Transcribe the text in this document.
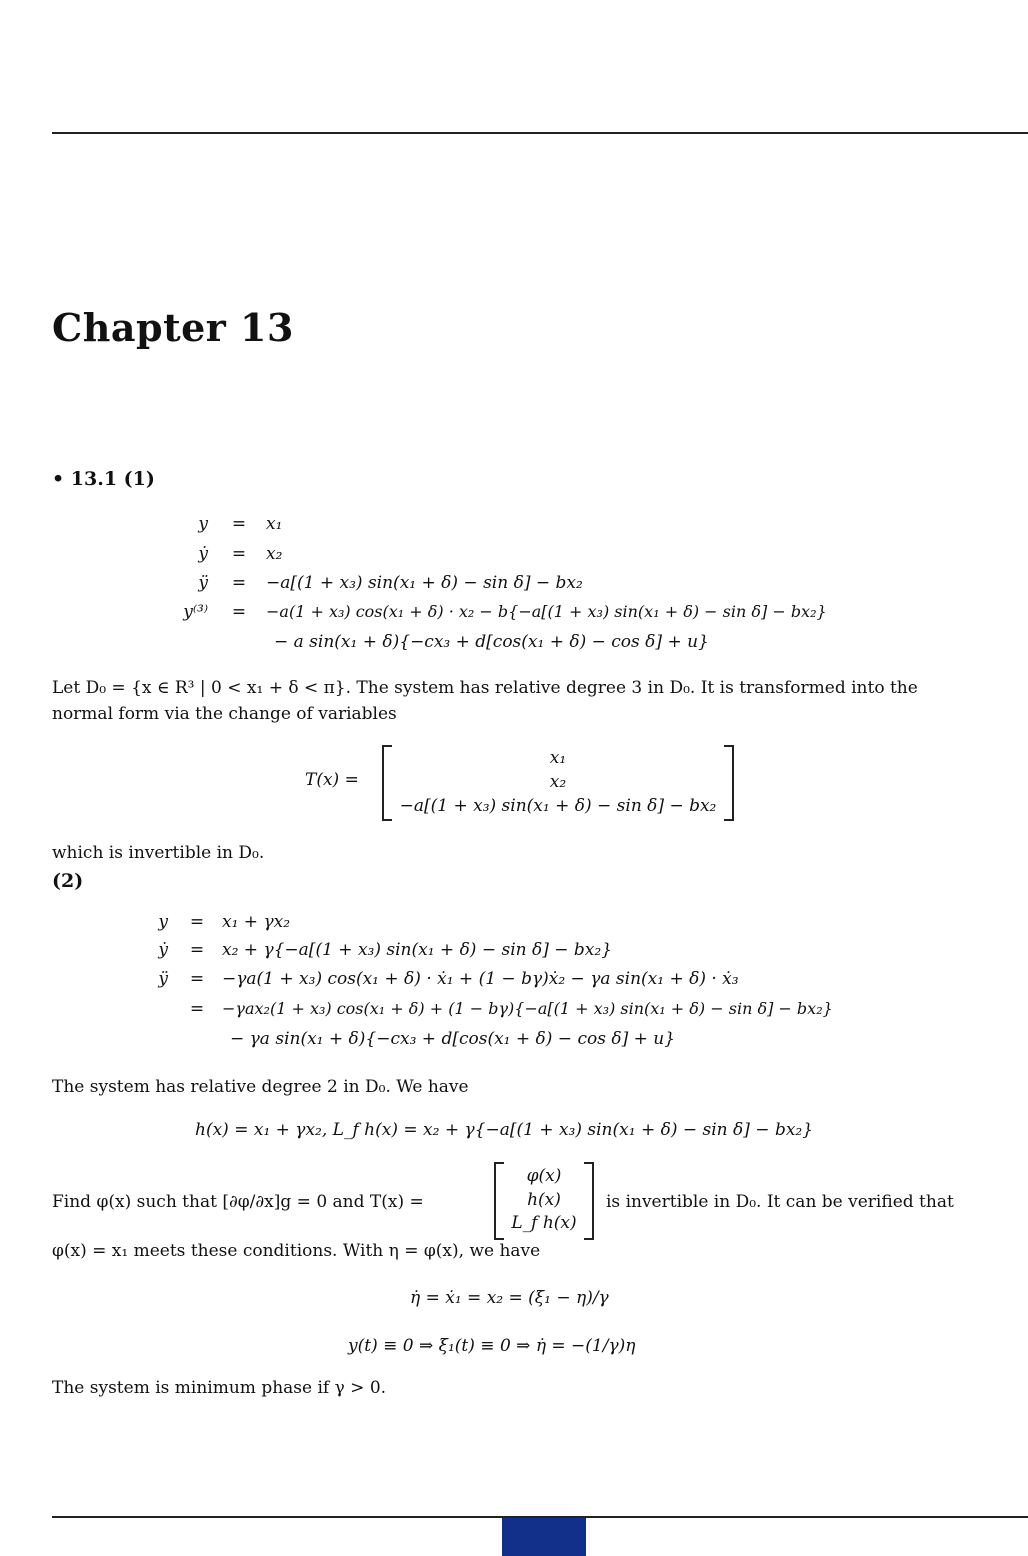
Chapter 13
• 13.1 (1)
y	=	x₁
ẏ	=	x₂
ÿ	=	−a[(1 + x₃) sin(x₁ + δ) − sin δ] − bx₂
y⁽³⁾	=	−a(1 + x₃) cos(x₁ + δ) · x₂ − b{−a[(1 + x₃) sin(x₁ + δ) − sin δ] − bx₂}
− a sin(x₁ + δ){−cx₃ + d[cos(x₁ + δ) − cos δ] + u}
Let D₀ = {x ∈ R³ | 0 < x₁ + δ < π}. The system has relative degree 3 in D₀. It is transformed into the
normal form via the change of variables
T(x) =
x₁
x₂
−a[(1 + x₃) sin(x₁ + δ) − sin δ] − bx₂
which is invertible in D₀.
(2)
y	=	x₁ + γx₂
ẏ	=	x₂ + γ{−a[(1 + x₃) sin(x₁ + δ) − sin δ] − bx₂}
ÿ	=	−γa(1 + x₃) cos(x₁ + δ) · ẋ₁ + (1 − bγ)ẋ₂ − γa sin(x₁ + δ) · ẋ₃
=	−γax₂(1 + x₃) cos(x₁ + δ) + (1 − bγ){−a[(1 + x₃) sin(x₁ + δ) − sin δ] − bx₂}
− γa sin(x₁ + δ){−cx₃ + d[cos(x₁ + δ) − cos δ] + u}
The system has relative degree 2 in D₀. We have
h(x) = x₁ + γx₂, L_f h(x) = x₂ + γ{−a[(1 + x₃) sin(x₁ + δ) − sin δ] − bx₂}
Find φ(x) such that [∂φ/∂x]g = 0 and T(x) =
φ(x)
h(x)
L_f h(x)
is invertible in D₀. It can be verified that
φ(x) = x₁ meets these conditions. With η = φ(x), we have
η̇ = ẋ₁ = x₂ = (ξ₁ − η)/γ
y(t) ≡ 0 ⇒ ξ₁(t) ≡ 0 ⇒ η̇ = −(1/γ)η
The system is minimum phase if γ > 0.
